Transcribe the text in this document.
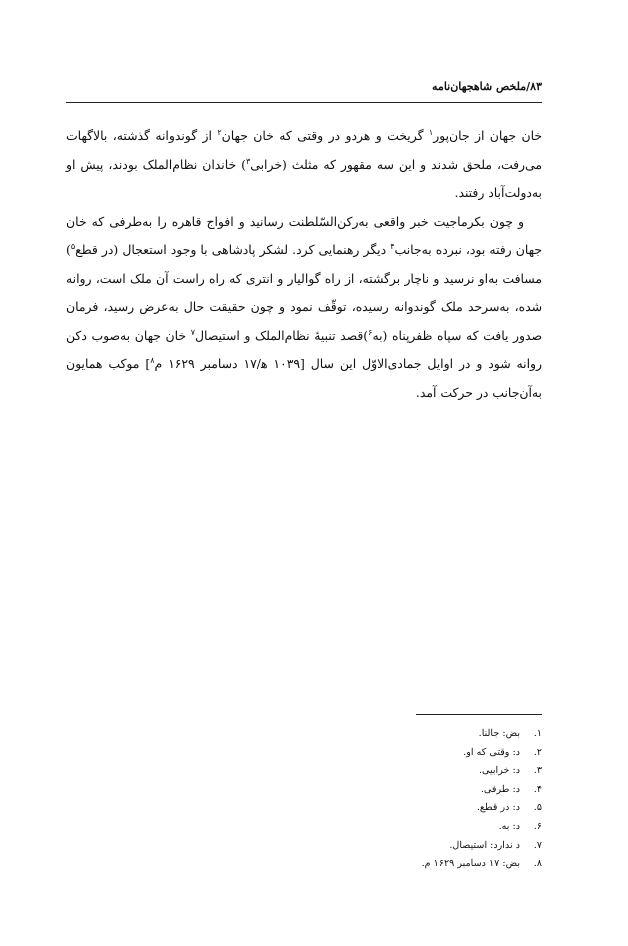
۸۳/ملخص شاهجهان‌نامه

خان جهان از جان‌پور$^۱$ گریخت و هردو در وقتی که خان جهان$^۲$ از گوندوانه گذشته، بالاگهات می‌رفت، ملحق شدند و این سه مقهور که مثلث (خرابی$^۳$) خاندان نظام‌الملک بودند، پیش او به‌دولت‌آباد رفتند.

و چون بکرماجیت خبر واقعی به‌رکن‌السّلطنت رسانید و افواج قاهره را به‌طرفی که خان جهان رفته بود، نبرده به‌جانب$^۴$ دیگر رهنمایی کرد. لشکر پادشاهی با وجود استعجال (در قطع$^۵$) مسافت به‌او نرسید و ناچار برگشته، از راه گوالیار و انتری که راه راست آن ملک است، روانه شده، به‌سرحد ملک گوندوانه رسیده، توقّف نمود و چون حقیقت حال به‌عرض رسید، فرمان صدور یافت که سپاه ظفرپناه (به$^۶$)قصد تنبیهٔ نظام‌الملک و استیصال$^۷$ خان جهان به‌صوب دکن روانه شود و در اوایل جمادی‌الاوّل این سال [۱۰۳۹ ه‍/۱۷ دسامبر ۱۶۲۹ م$^۸$] موکب همایون به‌آن‌جانب در حرکت آمد.

۱.
بض: جالنا.
۲.
د: وقتی که او.
۳.
د: خرابیی.
۴.
د: طرفی.
۵.
د: در قطع.
۶.
د: به.
۷.
د ندارد: استیصال.
۸.
بض: ۱۷ دسامبر ۱۶۲۹ م.
